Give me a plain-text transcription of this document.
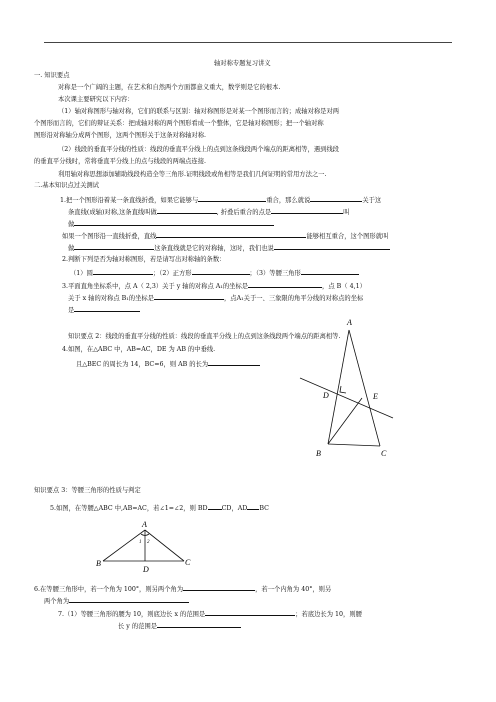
轴对称专题复习讲义
一. 知识要点
对称是一个广阔的主题，在艺术和自然两个方面都意义重大，数学则是它的根本.
本次课主要研究以下内容：
（1）轴对称图形与轴对称，它们的联系与区别：轴对称图形是对某一个图形而言的；成轴对称是对两
个图形而言的，它们的辩证关系：把成轴对称的两个图形看成一个整体，它是轴对称图形；把一个轴对称
图形沿对称轴分成两个图形，这两个图形关于这条对称轴对称.
（2）线段的垂直平分线的性质：线段的垂直平分线上的点到这条线段两个端点的距离相等，遇到线段
的垂直平分线时，常将垂直平分线上的点与线段的两端点连接.
利用轴对称思想添加辅助线段构造全等三角形.证明线段或角相等是我们几何证明的常用方法之一.
二.基本知识点过关测试
1.把一个图形沿着某一条直线折叠，如果它能够与	重合，那么就说	关于这
条直线(成轴)对称,这条直线叫做	, 折叠后重合的点是	叫
做
如果一个图形沿一直线折叠，直线	能够相互重合，这个图形就叫
做	这条直线就是它的对称轴，这时，我们也说
2.判断下列是否为轴对称图形，若是请写出对称轴的条数：
（1）圆	；（2）正方形	；（3）等腰三角形
3.平面直角坐标系中，点 A（ 2,3）关于 y 轴的对称点 A₁的坐标是	，点 B（ 4,1）
关于 x 轴的对称点 B₁的坐标是	，点A₁关于一、三象限的角平分线的对称点的坐标
是
知识要点 2：线段的垂直平分线的性质：线段的垂直平分线上的点到这条线段两个端点的距离相等.
4.如图，在△ABC 中，AB=AC，DE 为 AB 的中垂线.
且△BEC 的周长为 14，BC=6，则 AB 的长为
A
D	E
B	C
知识要点 3：等腰三角形的性质与判定
5.如图，在等腰△ABC 中,AB=AC，若∠1=∠2，则 BD CD，AD BC
A
B	C
D
1 2
6.在等腰三角形中，若一个角为 100°，则另两个角为	，若一个内角为 40°，则另
两个角为
7.（1）等腰三角形的腰为 10，则底边长 x 的范围是	；若底边长为 10，则腰
长 y 的范围是
